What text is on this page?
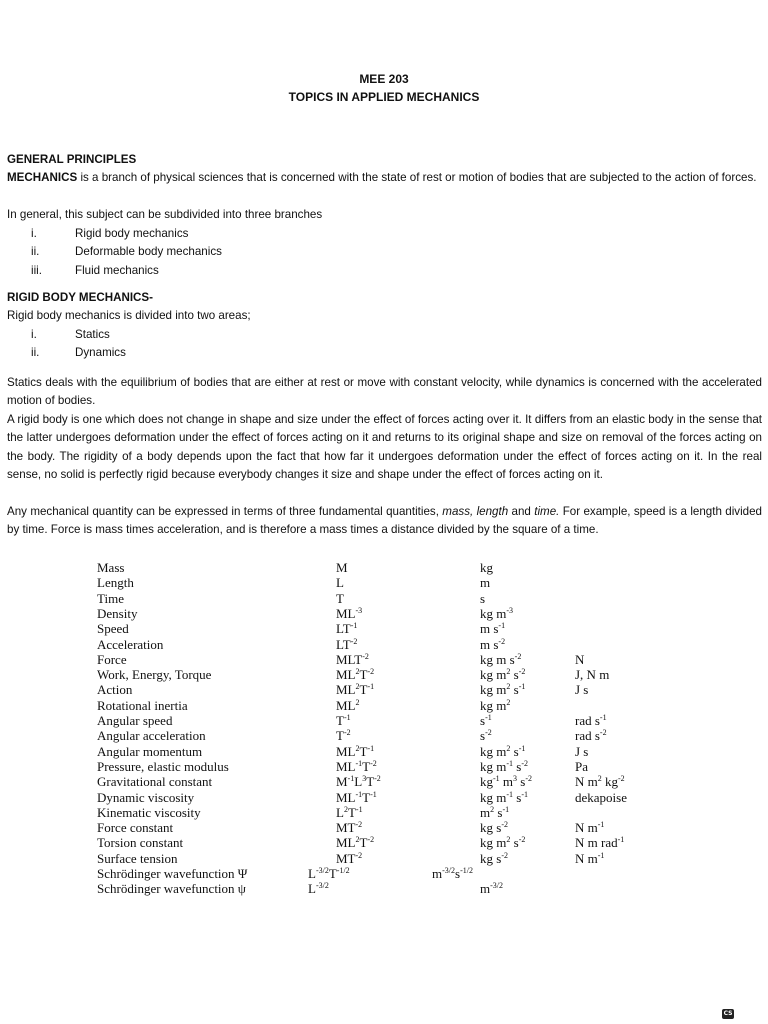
MEE 203
TOPICS IN APPLIED MECHANICS

GENERAL PRINCIPLES

MECHANICS is a branch of physical sciences that is concerned with the state of rest or motion of bodies that are subjected to the action of forces.

In general, this subject can be subdivided into three branches

i.	Rigid body mechanics
ii.	Deformable body mechanics
iii.	Fluid mechanics

RIGID BODY MECHANICS-

Rigid body mechanics is divided into two areas;

i.	Statics
ii.	Dynamics

Statics deals with the equilibrium of bodies that are either at rest or move with constant velocity, while dynamics is concerned with the accelerated motion of bodies.

A rigid body is one which does not change in shape and size under the effect of forces acting over it. It differs from an elastic body in the sense that the latter undergoes deformation under the effect of forces acting on it and returns to its original shape and size on removal of the forces acting on the body. The rigidity of a body depends upon the fact that how far it undergoes deformation under the effect of forces acting on it. In the real sense, no solid is perfectly rigid because everybody changes it size and shape under the effect of forces acting on it.

Any mechanical quantity can be expressed in terms of three fundamental quantities, mass, length and time. For example, speed is a length divided by time. Force is mass times acceleration, and is therefore a mass times a distance divided by the square of a time.

Mass	M	kg
Length	L	m
Time	T	s
Density	$ML^{-3}$	kg $m^{-3}$
Speed	$LT^{-1}$	m $s^{-1}$
Acceleration	$LT^{-2}$	m $s^{-2}$
Force	$MLT^{-2}$	kg m $s^{-2}$	N
Work, Energy, Torque	$ML^2T^{-2}$	kg $m^2$ $s^{-2}$	J, N m
Action	$ML^2T^{-1}$	kg $m^2$ $s^{-1}$	J s
Rotational inertia	$ML^2$	kg $m^2$
Angular speed	$T^{-1}$	$s^{-1}$	rad $s^{-1}$
Angular acceleration	$T^{-2}$	$s^{-2}$	rad $s^{-2}$
Angular momentum	$ML^2T^{-1}$	kg $m^2$ $s^{-1}$	J s
Pressure, elastic modulus	$ML^{-1}T^{-2}$	kg $m^{-1}$ $s^{-2}$	Pa
Gravitational constant	$M^{-1}L^3T^{-2}$	$kg^{-1}$ $m^3$ $s^{-2}$	N $m^2$ $kg^{-2}$
Dynamic viscosity	$ML^{-1}T^{-1}$	kg $m^{-1}$ $s^{-1}$	dekapoise
Kinematic viscosity	$L^2T^{-1}$	$m^2$ $s^{-1}$
Force constant	$MT^{-2}$	kg $s^{-2}$	N $m^{-1}$
Torsion constant	$ML^2T^{-2}$	kg $m^2$ $s^{-2}$	N m rad$^{-1}$
Surface tension	$MT^{-2}$	kg $s^{-2}$	N $m^{-1}$
Schrödinger wavefunction Ψ	$L^{-3/2}T^{-1/2}$	$m^{-3/2}s^{-1/2}$
Schrödinger wavefunction ψ	$L^{-3/2}$	$m^{-3/2}$
CS
